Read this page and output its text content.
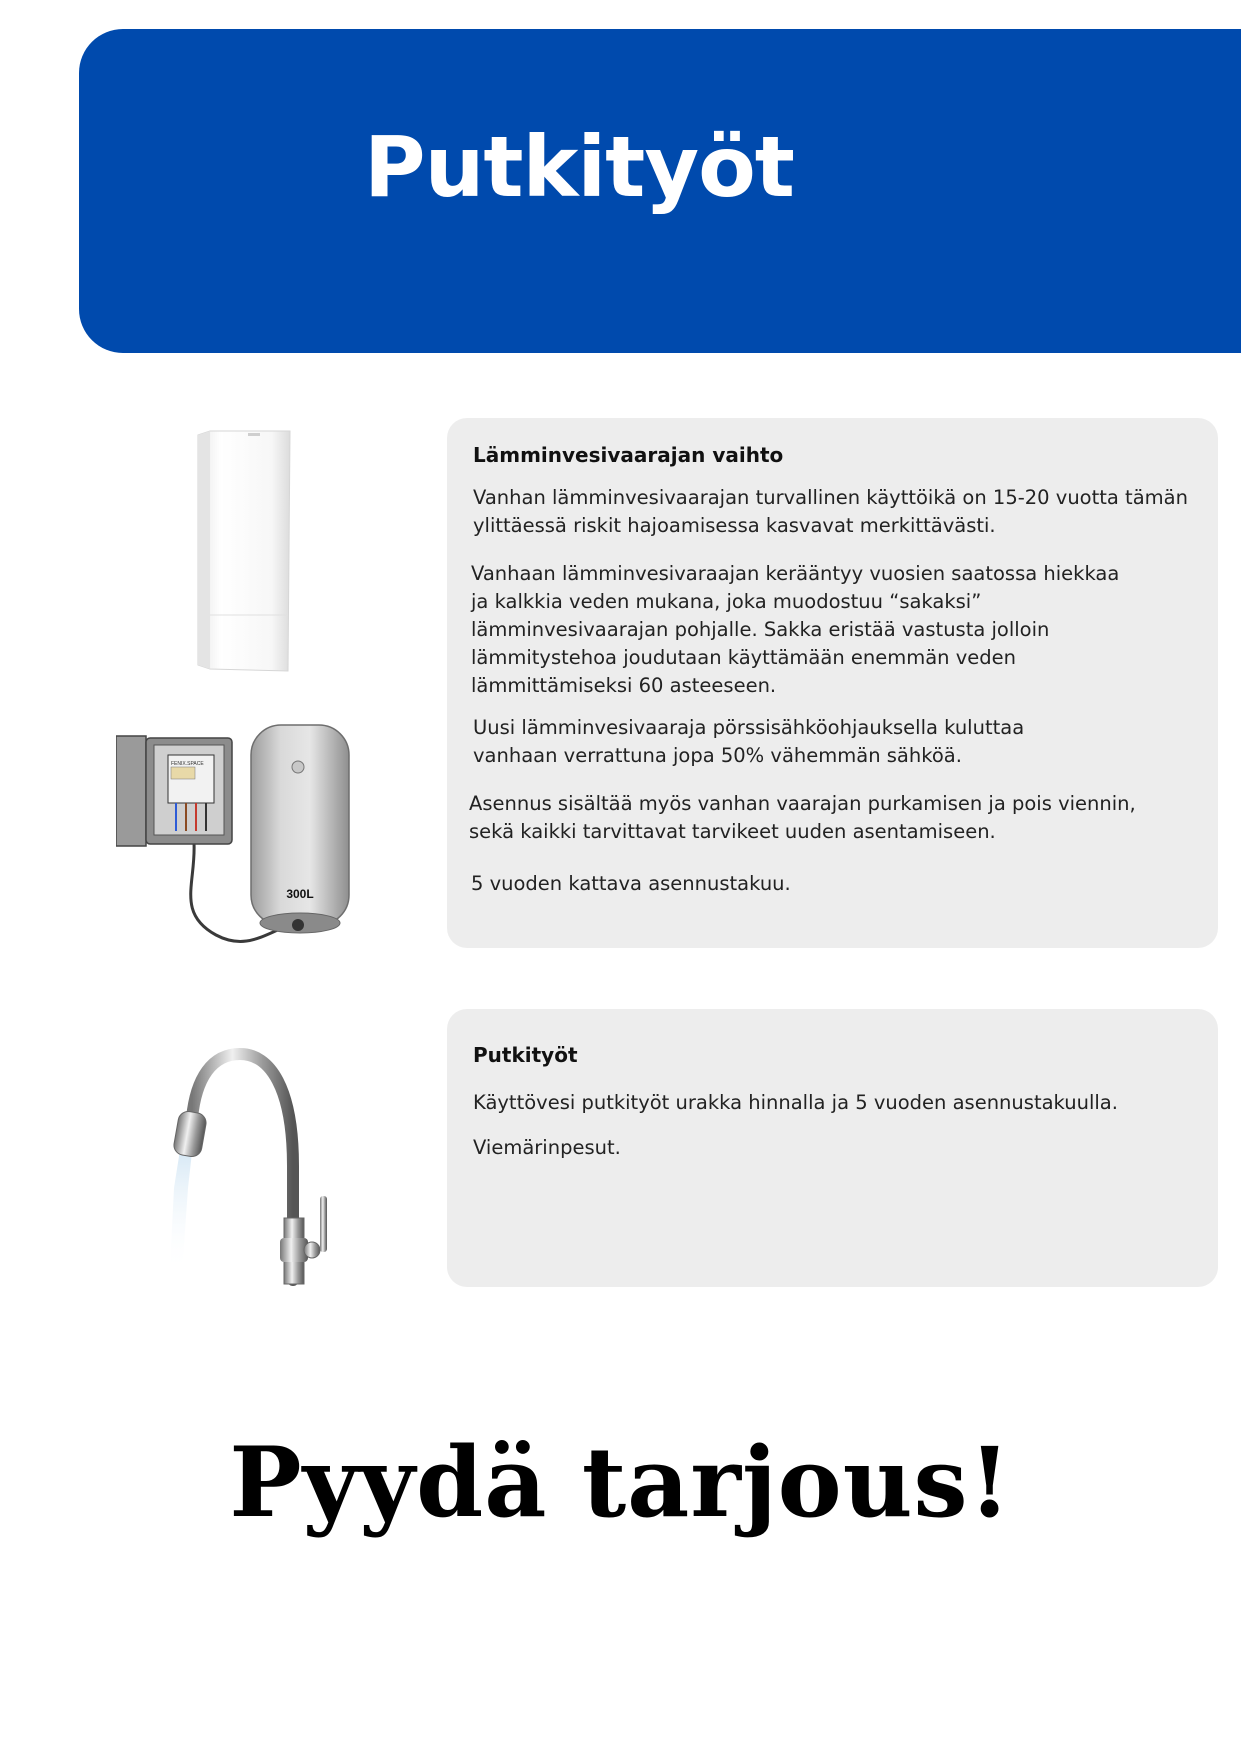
Putkityöt
300L
FENIX.SPACE
Lämminvesivaarajan vaihto

Vanhan lämminvesivaarajan turvallinen käyttöikä on 15-20 vuotta tämän ylittäessä riskit hajoamisessa kasvavat merkittävästi.

Vanhaan lämminvesivaraajan kerääntyy vuosien saatossa hiekkaa ja kalkkia veden mukana, joka muodostuu “sakaksi” lämminvesivaarajan pohjalle. Sakka eristää vastusta jolloin lämmitystehoa joudutaan käyttämään enemmän veden lämmittämiseksi 60 asteeseen.

Uusi lämminvesivaaraja pörssisähköohjauksella kuluttaa vanhaan verrattuna jopa 50% vähemmän sähköä.

Asennus sisältää myös vanhan vaarajan purkamisen ja pois viennin, sekä kaikki tarvittavat tarvikeet uuden asentamiseen.

5 vuoden kattava asennustakuu.

Putkityöt

Käyttövesi putkityöt urakka hinnalla ja 5 vuoden asennustakuulla.

Viemärinpesut.

Pyydä tarjous!
